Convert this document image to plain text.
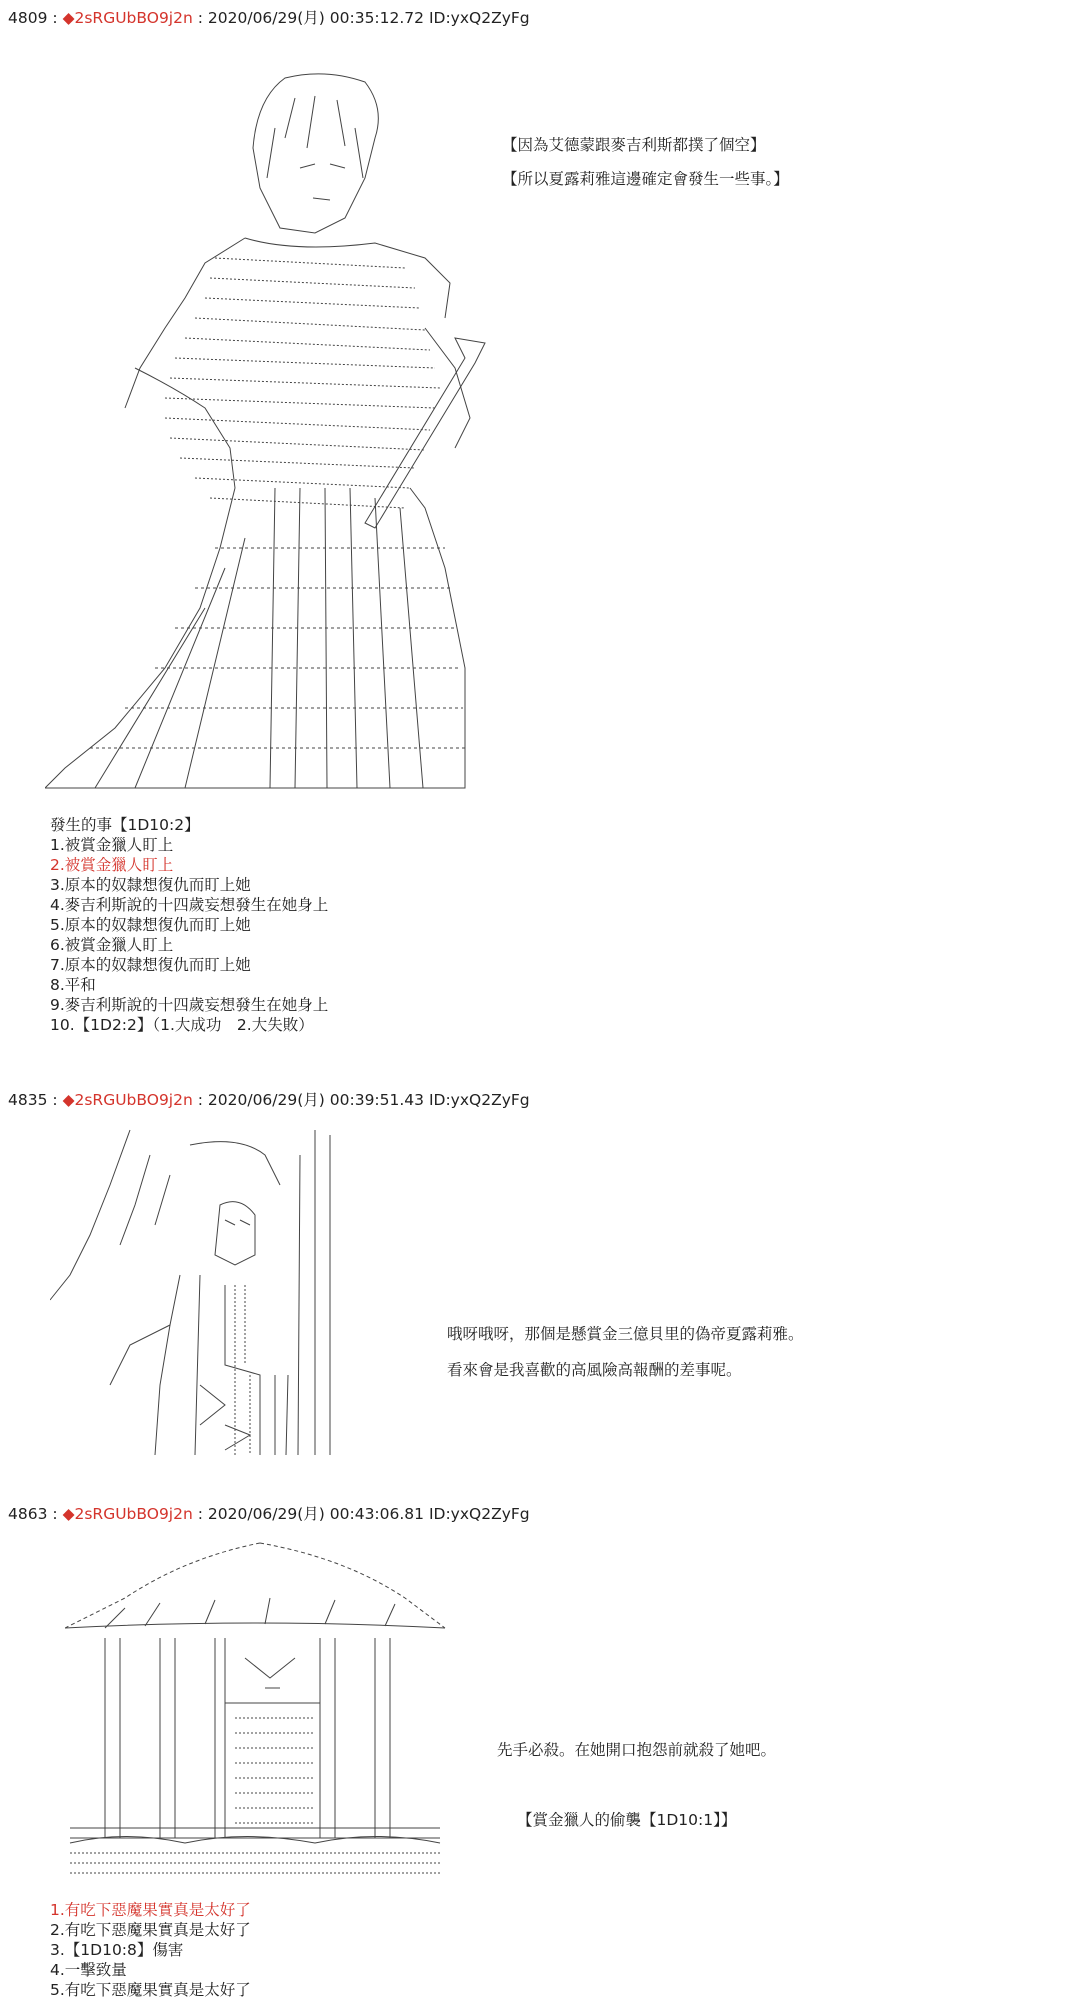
4809 : ◆2sRGUbBO9j2n : 2020/06/29(月) 00:35:12.72 ID:yxQ2ZyFg
【因為艾德蒙跟麥吉利斯都撲了個空】
【所以夏露莉雅這邊確定會發生一些事。】
發生的事【1D10:2】
1.被賞金獵人盯上
2.被賞金獵人盯上
3.原本的奴隸想復仇而盯上她
4.麥吉利斯說的十四歲妄想發生在她身上
5.原本的奴隸想復仇而盯上她
6.被賞金獵人盯上
7.原本的奴隸想復仇而盯上她
8.平和
9.麥吉利斯說的十四歲妄想發生在她身上
10.【1D2:2】（1.大成功　2.大失敗）
4835 : ◆2sRGUbBO9j2n : 2020/06/29(月) 00:39:51.43 ID:yxQ2ZyFg
哦呀哦呀，那個是懸賞金三億貝里的偽帝夏露莉雅。
看來會是我喜歡的高風險高報酬的差事呢。
4863 : ◆2sRGUbBO9j2n : 2020/06/29(月) 00:43:06.81 ID:yxQ2ZyFg
先手必殺。在她開口抱怨前就殺了她吧。
【賞金獵人的偷襲【1D10:1】】
1.有吃下惡魔果實真是太好了
2.有吃下惡魔果實真是太好了
3.【1D10:8】傷害
4.一擊致量
5.有吃下惡魔果實真是太好了
